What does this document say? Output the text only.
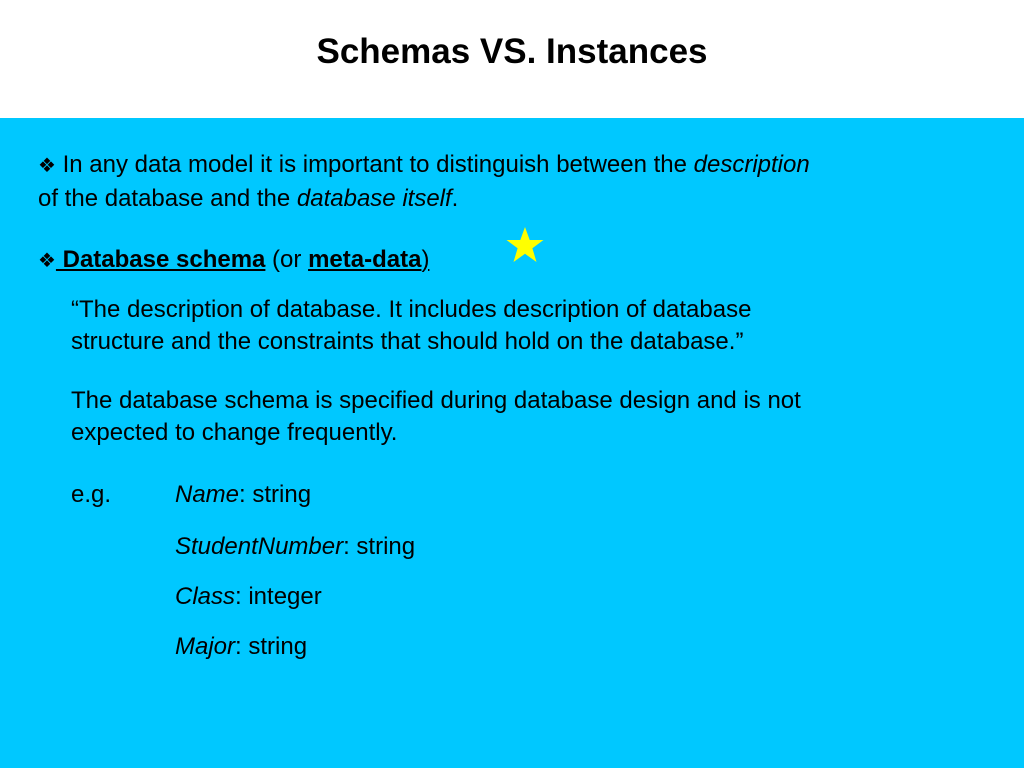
Schemas VS. Instances
❖ In any data model it is important to distinguish between the description
of the database and the database itself.
❖ Database schema (or meta-data)
“The description of database. It includes description of database
structure and the constraints that should hold on the database.”
The database schema is specified during database design and is not
expected to change frequently.
e.g.	Name: string
StudentNumber: string
Class: integer
Major: string
